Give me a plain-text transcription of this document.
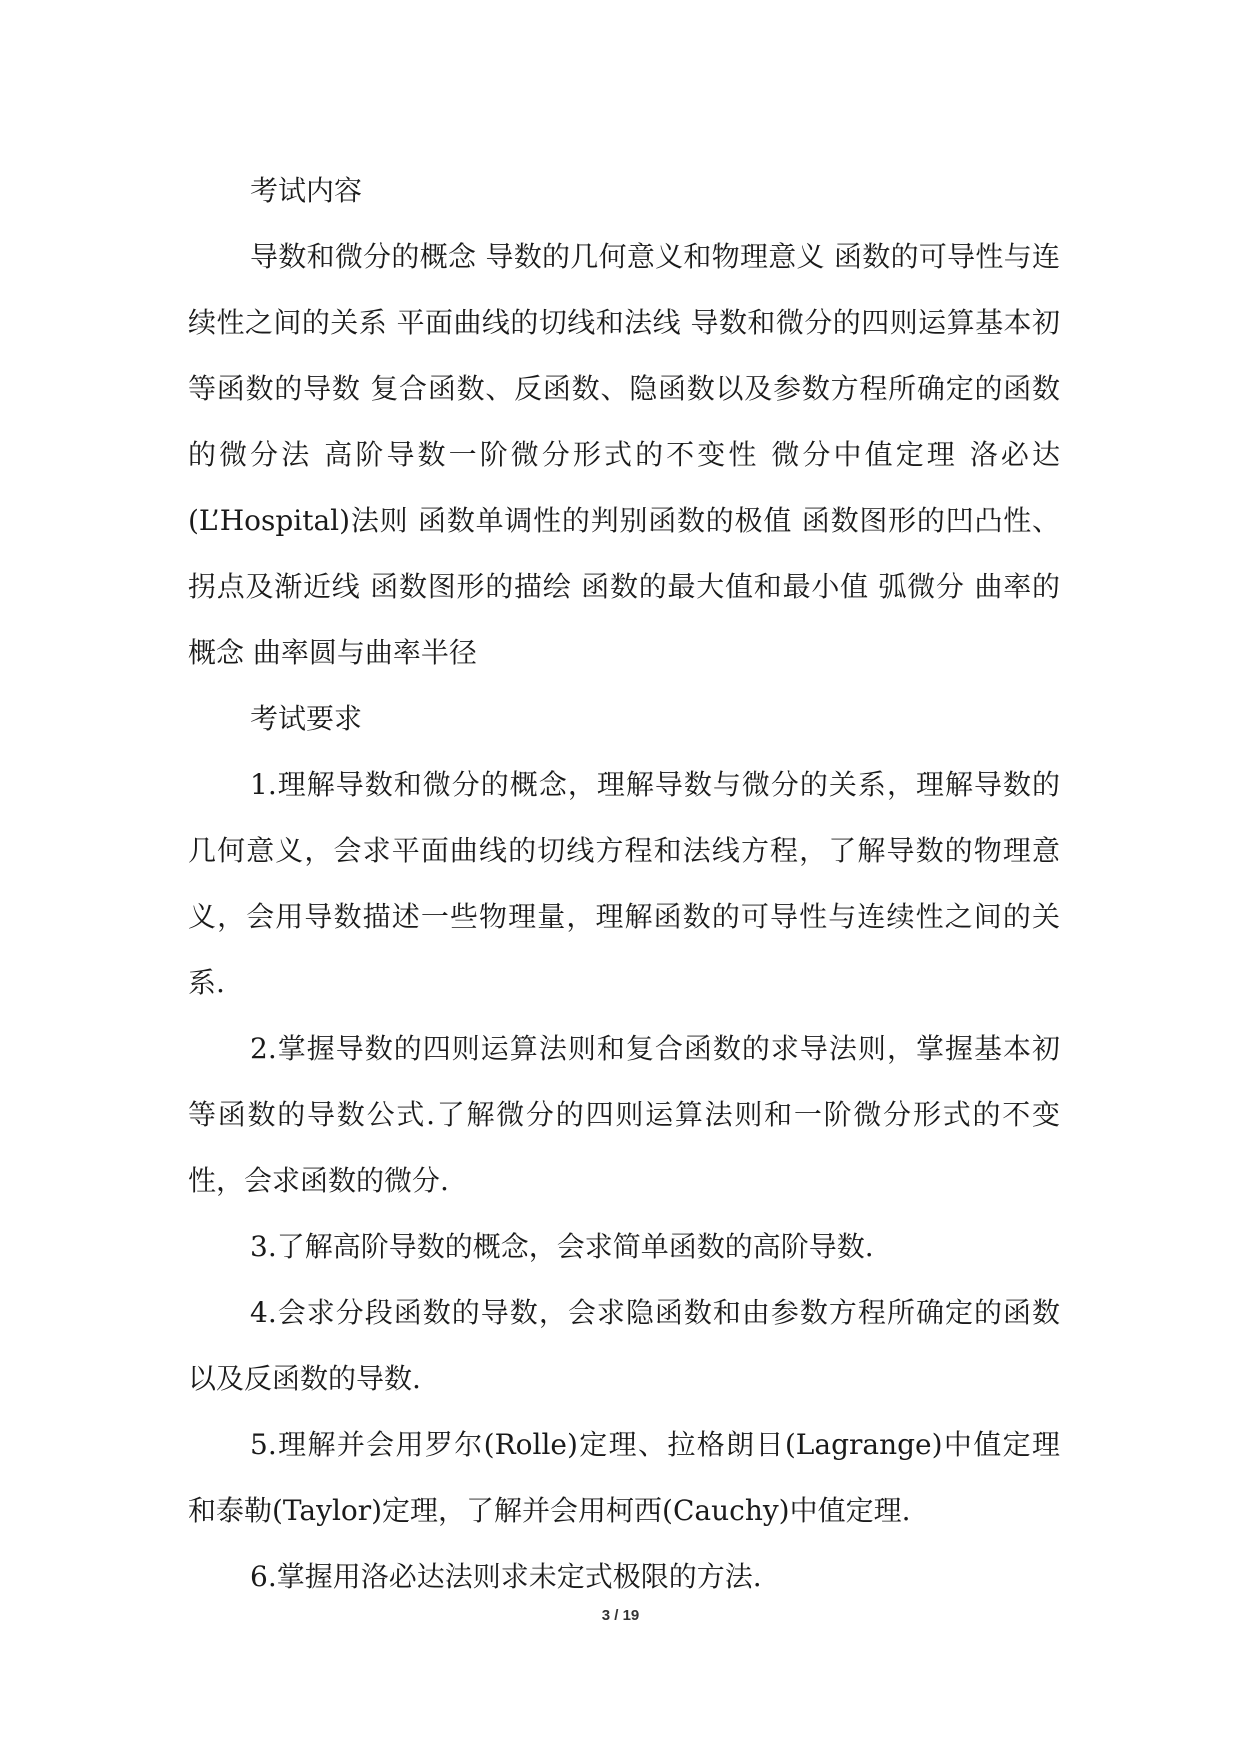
考试内容

导数和微分的概念 导数的几何意义和物理意义 函数的可导性与连续性之间的关系 平面曲线的切线和法线 导数和微分的四则运算基本初等函数的导数 复合函数、反函数、隐函数以及参数方程所确定的函数的微分法 高阶导数一阶微分形式的不变性 微分中值定理 洛必达(L’Hospital)法则 函数单调性的判别函数的极值 函数图形的凹凸性、拐点及渐近线 函数图形的描绘 函数的最大值和最小值 弧微分 曲率的概念 曲率圆与曲率半径

考试要求

1.理解导数和微分的概念，理解导数与微分的关系，理解导数的几何意义，会求平面曲线的切线方程和法线方程，了解导数的物理意义，会用导数描述一些物理量，理解函数的可导性与连续性之间的关系.

2.掌握导数的四则运算法则和复合函数的求导法则，掌握基本初等函数的导数公式.了解微分的四则运算法则和一阶微分形式的不变性，会求函数的微分.

3.了解高阶导数的概念，会求简单函数的高阶导数.

4.会求分段函数的导数，会求隐函数和由参数方程所确定的函数以及反函数的导数.

5.理解并会用罗尔(Rolle)定理、拉格朗日(Lagrange)中值定理和泰勒(Taylor)定理，了解并会用柯西(Cauchy)中值定理.

6.掌握用洛必达法则求未定式极限的方法.

3 / 19
